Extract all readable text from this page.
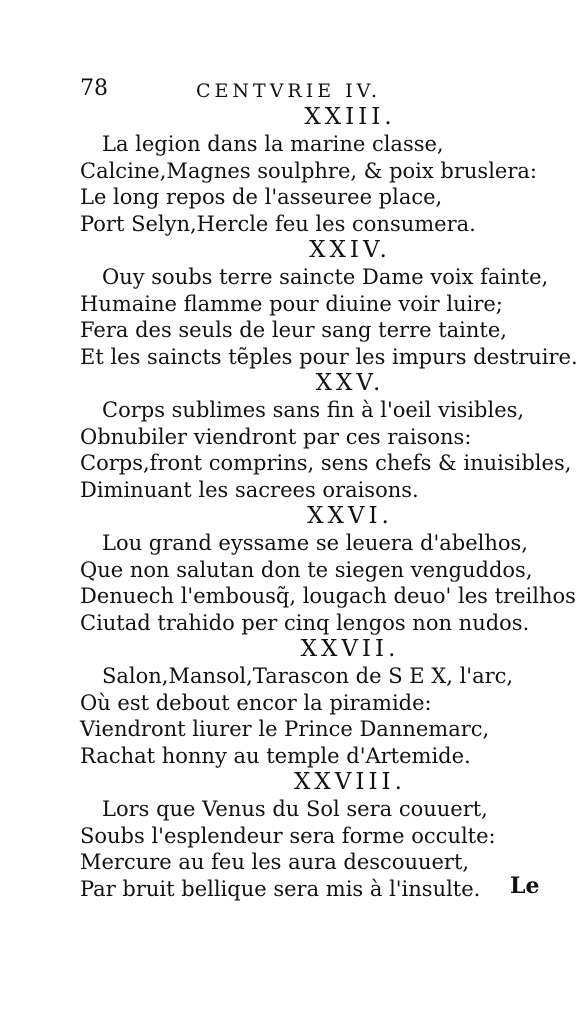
78	CENTVRIE IV.
XXIII.
La legion dans la marine classe,
Calcine,Magnes soulphre, & poix bruslera:
Le long repos de l'asseuree place,
Port Selyn,Hercle feu les consumera.
XXIV.
Ouy soubs terre saincte Dame voix fainte,
Humaine flamme pour diuine voir luire;
Fera des seuls de leur sang terre tainte,
Et les saincts tẽples pour les impurs destruire.
XXV.
Corps sublimes sans fin à l'oeil visibles,
Obnubiler viendront par ces raisons:
Corps,front comprins, sens chefs & inuisibles,
Diminuant les sacrees oraisons.
XXVI.
Lou grand eyssame se leuera d'abelhos,
Que non salutan don te siegen venguddos,
Denuech l'embousq̃, lougach deuo' les treilhos
Ciutad trahido per cinq lengos non nudos.
XXVII.
Salon,Mansol,Tarascon de S E X, l'arc,
Où est debout encor la piramide:
Viendront liurer le Prince Dannemarc,
Rachat honny au temple d'Artemide.
XXVIII.
Lors que Venus du Sol sera couuert,
Soubs l'esplendeur sera forme occulte:
Mercure au feu les aura descouuert,
Par bruit bellique sera mis à l'insulte.	Le
